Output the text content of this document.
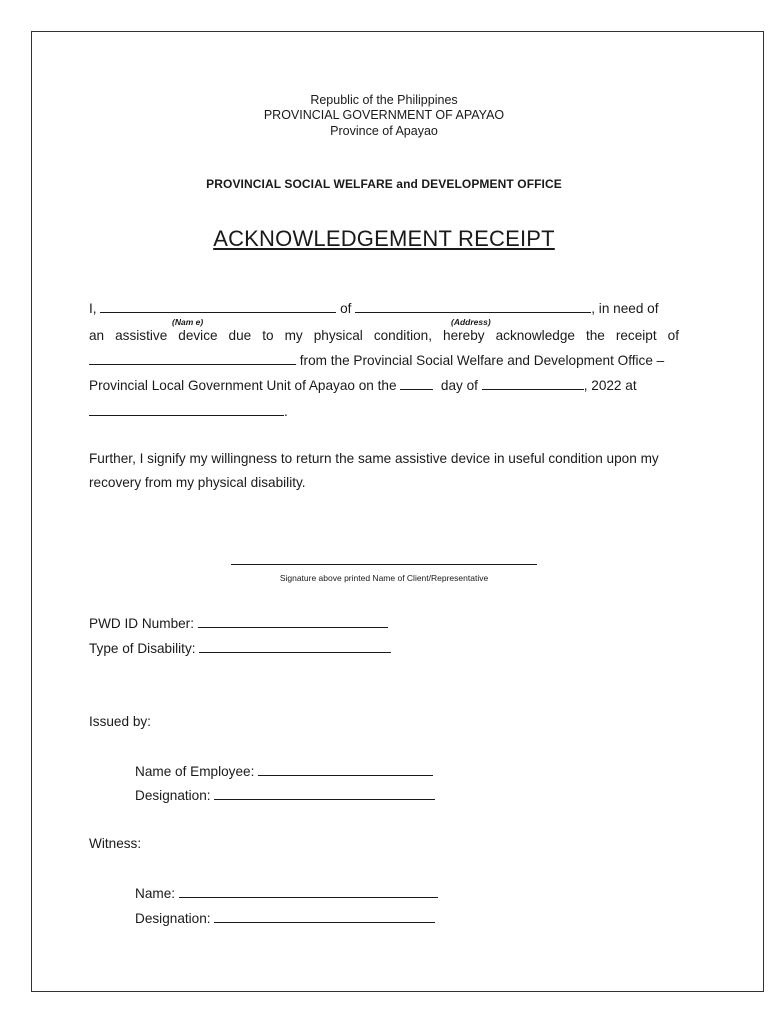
Republic of the Philippines
PROVINCIAL GOVERNMENT OF APAYAO
Province of Apayao
PROVINCIAL SOCIAL WELFARE and DEVELOPMENT OFFICE
ACKNOWLEDGEMENT RECEIPT
I,	of	, in need of
(Nam e)	(Address)
an assistive device due to my physical condition, hereby acknowledge the receipt of
from the Provincial Social Welfare and Development Office –
Provincial Local Government Unit of Apayao on the	day of	, 2022 at
.
Further, I signify my willingness to return the same assistive device in useful condition upon my
recovery from my physical disability.
Signature above printed Name of Client/Representative
PWD ID Number:
Type of Disability:
Issued by:
Name of Employee:
Designation:
Witness:
Name:
Designation:
